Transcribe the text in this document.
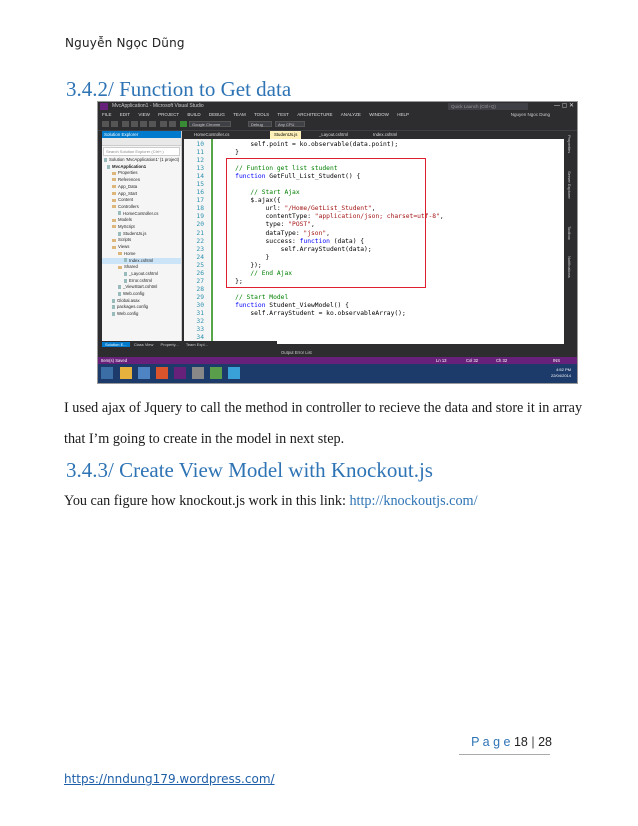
Nguyễn Ngọc Dũng
3.4.2/ Function to Get data
MvcApplication1 - Microsoft Visual Studio	Quick Launch (Ctrl+Q)	— ▢ ✕
FILE EDIT VIEW PROJECT BUILD DEBUG TEAM TOOLS TEST ARCHITECTURE ANALYZE WINDOW HELP	Nguyen Ngoc Dung
Google Chrome	Debug	Any CPU
Solution Explorer
Search Solution Explorer (Ctrl+;)
Solution 'MvcApplication1' (1 project)
MvcApplication1
Properties
References
App_Data
App_Start
Content
Controllers
HomeController.cs
Models
MyScript
StudentJs.js
Scripts
Views
Home
Index.cshtml
Shared
_Layout.cshtml
Error.cshtml
_ViewStart.cshtml
Web.config
Global.asax
packages.config
Web.config
HomeController.cs	StudentJs.js	_Layout.cshtml	Index.cshtml
10	self.point = ko.observable(data.point);
11	}
12
13	// Funtion get list student
14	function GetFull_List_Student() {
15
16	// Start Ajax
17	$.ajax({
18	url: "/Home/GetList_Student",
19	contentType: "application/json; charset=utf-8",
20	type: "POST",
21	dataType: "json",
22	success: function (data) {
23	self.ArrayStudent(data);
24	}
25	});
26	// End Ajax
27	};
28
29	// Start Model
30	function Student_ViewModel() {
31	self.ArrayStudent = ko.observableArray();
32
33
34
Properties
Server Explorer
Toolbox
Notifications
Solution E... Class View Property... Team Expl...
Output Error List
Item(s) Saved	Ln 13	Col 32	Ch 32	INS
4:52 PM
22/04/2014
I used ajax of Jquery to call the method in controller to recieve the data and store it in array that I’m going to create in the model in next step.
3.4.3/ Create View Model with Knockout.js
You can figure how knockout.js work in this link: http://knockoutjs.com/
P a g e 18 | 28
https://nndung179.wordpress.com/
